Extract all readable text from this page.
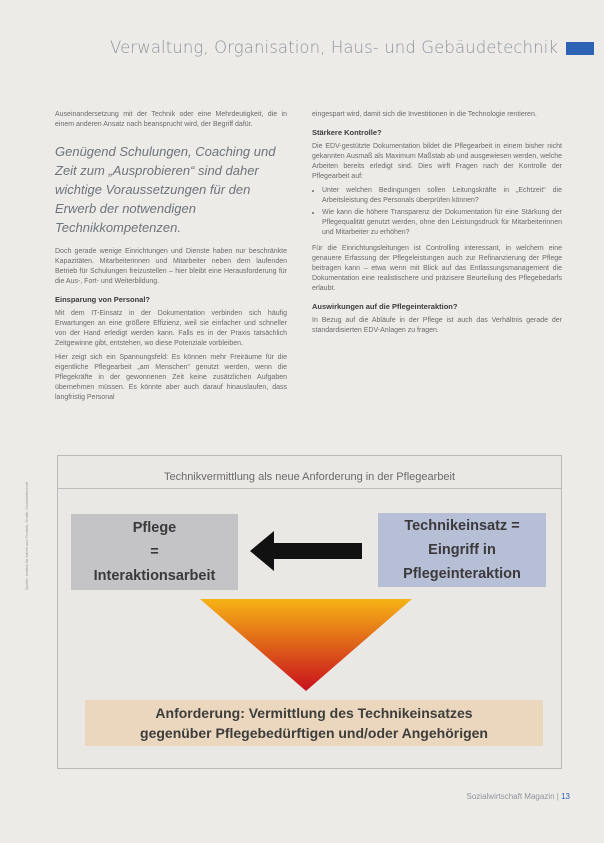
Verwaltung, Organisation, Haus- und Gebäudetechnik

Auseinandersetzung mit der Technik oder eine Mehrdeutigkeit, die in einem anderen Ansatz nach beansprucht wird, der Begriff dafür.

Genügend Schulungen, Coaching und Zeit zum „Ausprobieren“ sind daher wichtige Voraussetzungen für den Erwerb der notwendigen Technikkompetenzen.

Doch gerade wenige Einrichtungen und Dienste haben nur beschränkte Kapazitäten. Mitarbeiterinnen und Mitarbeiter neben dem laufenden Betrieb für Schulungen freizustellen – hier bleibt eine Herausforderung für die Aus-, Fort- und Weiterbildung.

Einsparung von Personal?

Mit dem IT-Einsatz in der Dokumentation verbinden sich häufig Erwartungen an eine größere Effizienz, weil sie einfacher und schneller von der Hand erledigt werden kann. Falls es in der Praxis tatsächlich Zeitgewinne gibt, entstehen, wo diese Potenziale vorbleiben.

Hier zeigt sich ein Spannungsfeld: Es können mehr Freiräume für die eigentliche Pflegearbeit „am Menschen“ genutzt werden, wenn die Pflegekräfte in der gewonnenen Zeit keine zusätzlichen Aufgaben übernehmen müssen. Es könnte aber auch darauf hinauslaufen, dass langfristig Personal

eingespart wird, damit sich die Investitionen in die Technologie rentieren.

Stärkere Kontrolle?

Die EDV-gestützte Dokumentation bildet die Pflegearbeit in einem bisher nicht gekannten Ausmaß als Maximum Maßstab ab und ausgewiesen werden, welche Arbeiten bereits erledigt sind. Dies wirft Fragen nach der Kontrolle der Pflegearbeit auf:

• Unter welchen Bedingungen sollen Leitungskräfte in „Echtzeit“ die Arbeitsleistung des Personals überprüfen können?
• Wie kann die höhere Transparenz der Dokumentation für eine Stärkung der Pflegequalität genutzt werden, ohne den Leistungsdruck für Mitarbeiterinnen und Mitarbeiter zu erhöhen?

Für die Einrichtungsleitungen ist Controlling interessant, in welchem eine genauere Erfassung der Pflegeleistungen auch zur Refinanzierung der Pflege beitragen kann – etwa wenn mit Blick auf das Entlassungsmanagement die Dokumentation eine realistischere und präzisere Beurteilung des Pflegebedarfs erlaubt.

Auswirkungen auf die Pflegeinteraktion?

In Bezug auf die Abläufe in der Pflege ist auch das Verhältnis gerade der standardisierten EDV-Anlagen zu fragen.

Technikvermittlung als neue Anforderung in der Pflegearbeit
Pflege
=
Interaktionsarbeit
Technikeinsatz =
Eingriff in
Pflegeinteraktion
Anforderung: Vermittlung des Technikeinsatzes
gegenüber Pflegebedürftigen und/oder Angehörigen
Quelle: Institut für Arbeit und Technik, Grafik: Sozialwirtschaft
Sozialwirtschaft Magazin | 13
